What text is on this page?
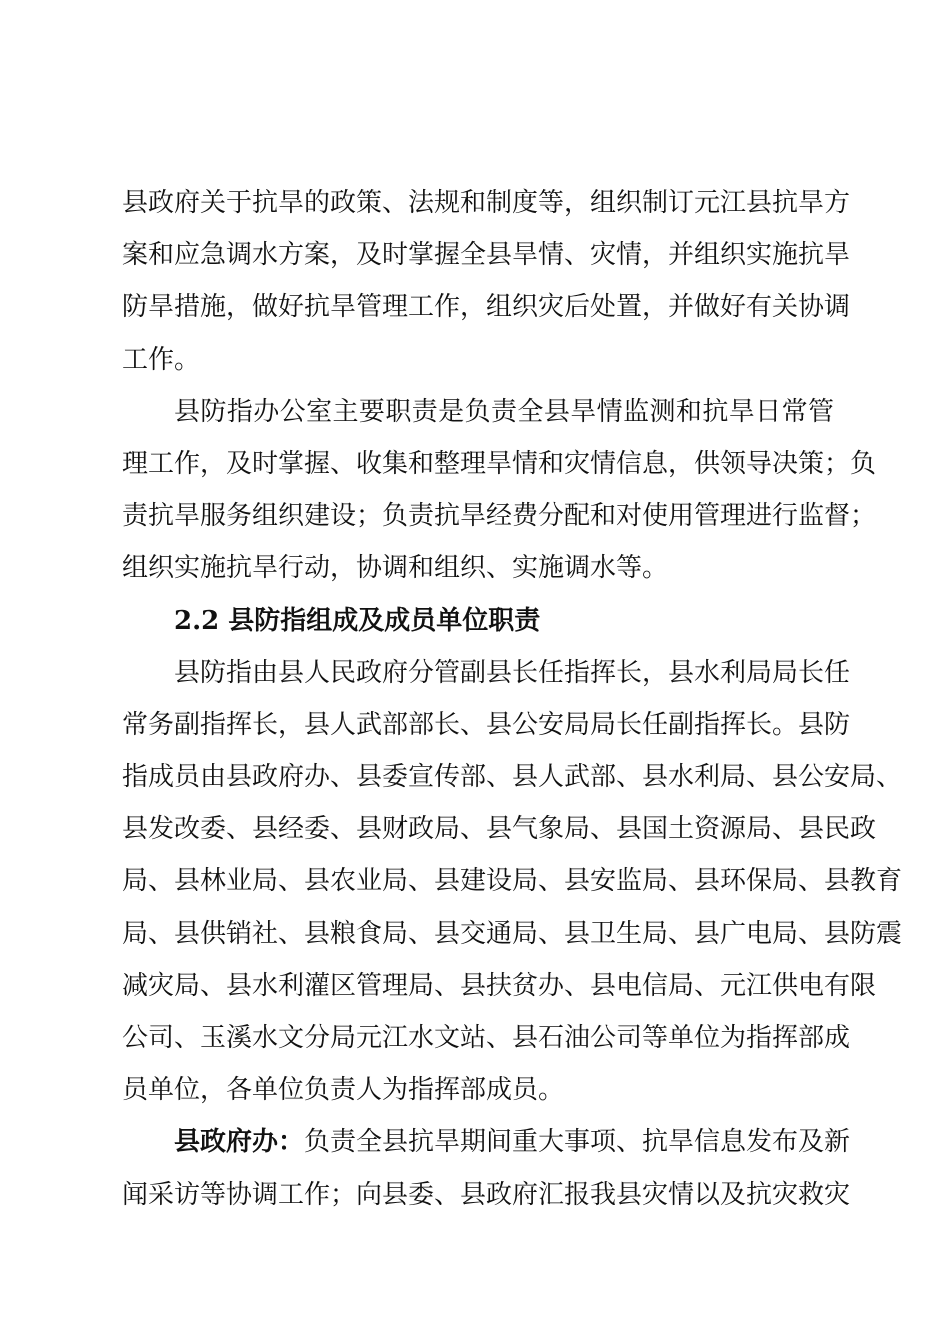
县政府关于抗旱的政策、法规和制度等，组织制订元江县抗旱方
案和应急调水方案，及时掌握全县旱情、灾情，并组织实施抗旱
防旱措施，做好抗旱管理工作，组织灾后处置，并做好有关协调
工作。
县防指办公室主要职责是负责全县旱情监测和抗旱日常管
理工作，及时掌握、收集和整理旱情和灾情信息，供领导决策；负
责抗旱服务组织建设；负责抗旱经费分配和对使用管理进行监督；
组织实施抗旱行动，协调和组织、实施调水等。
2.2 县防指组成及成员单位职责
县防指由县人民政府分管副县长任指挥长，县水利局局长任
常务副指挥长，县人武部部长、县公安局局长任副指挥长。县防
指成员由县政府办、县委宣传部、县人武部、县水利局、县公安局、
县发改委、县经委、县财政局、县气象局、县国土资源局、县民政
局、县林业局、县农业局、县建设局、县安监局、县环保局、县教育
局、县供销社、县粮食局、县交通局、县卫生局、县广电局、县防震
减灾局、县水利灌区管理局、县扶贫办、县电信局、元江供电有限
公司、玉溪水文分局元江水文站、县石油公司等单位为指挥部成
员单位，各单位负责人为指挥部成员。
县政府办：负责全县抗旱期间重大事项、抗旱信息发布及新
闻采访等协调工作；向县委、县政府汇报我县灾情以及抗灾救灾
